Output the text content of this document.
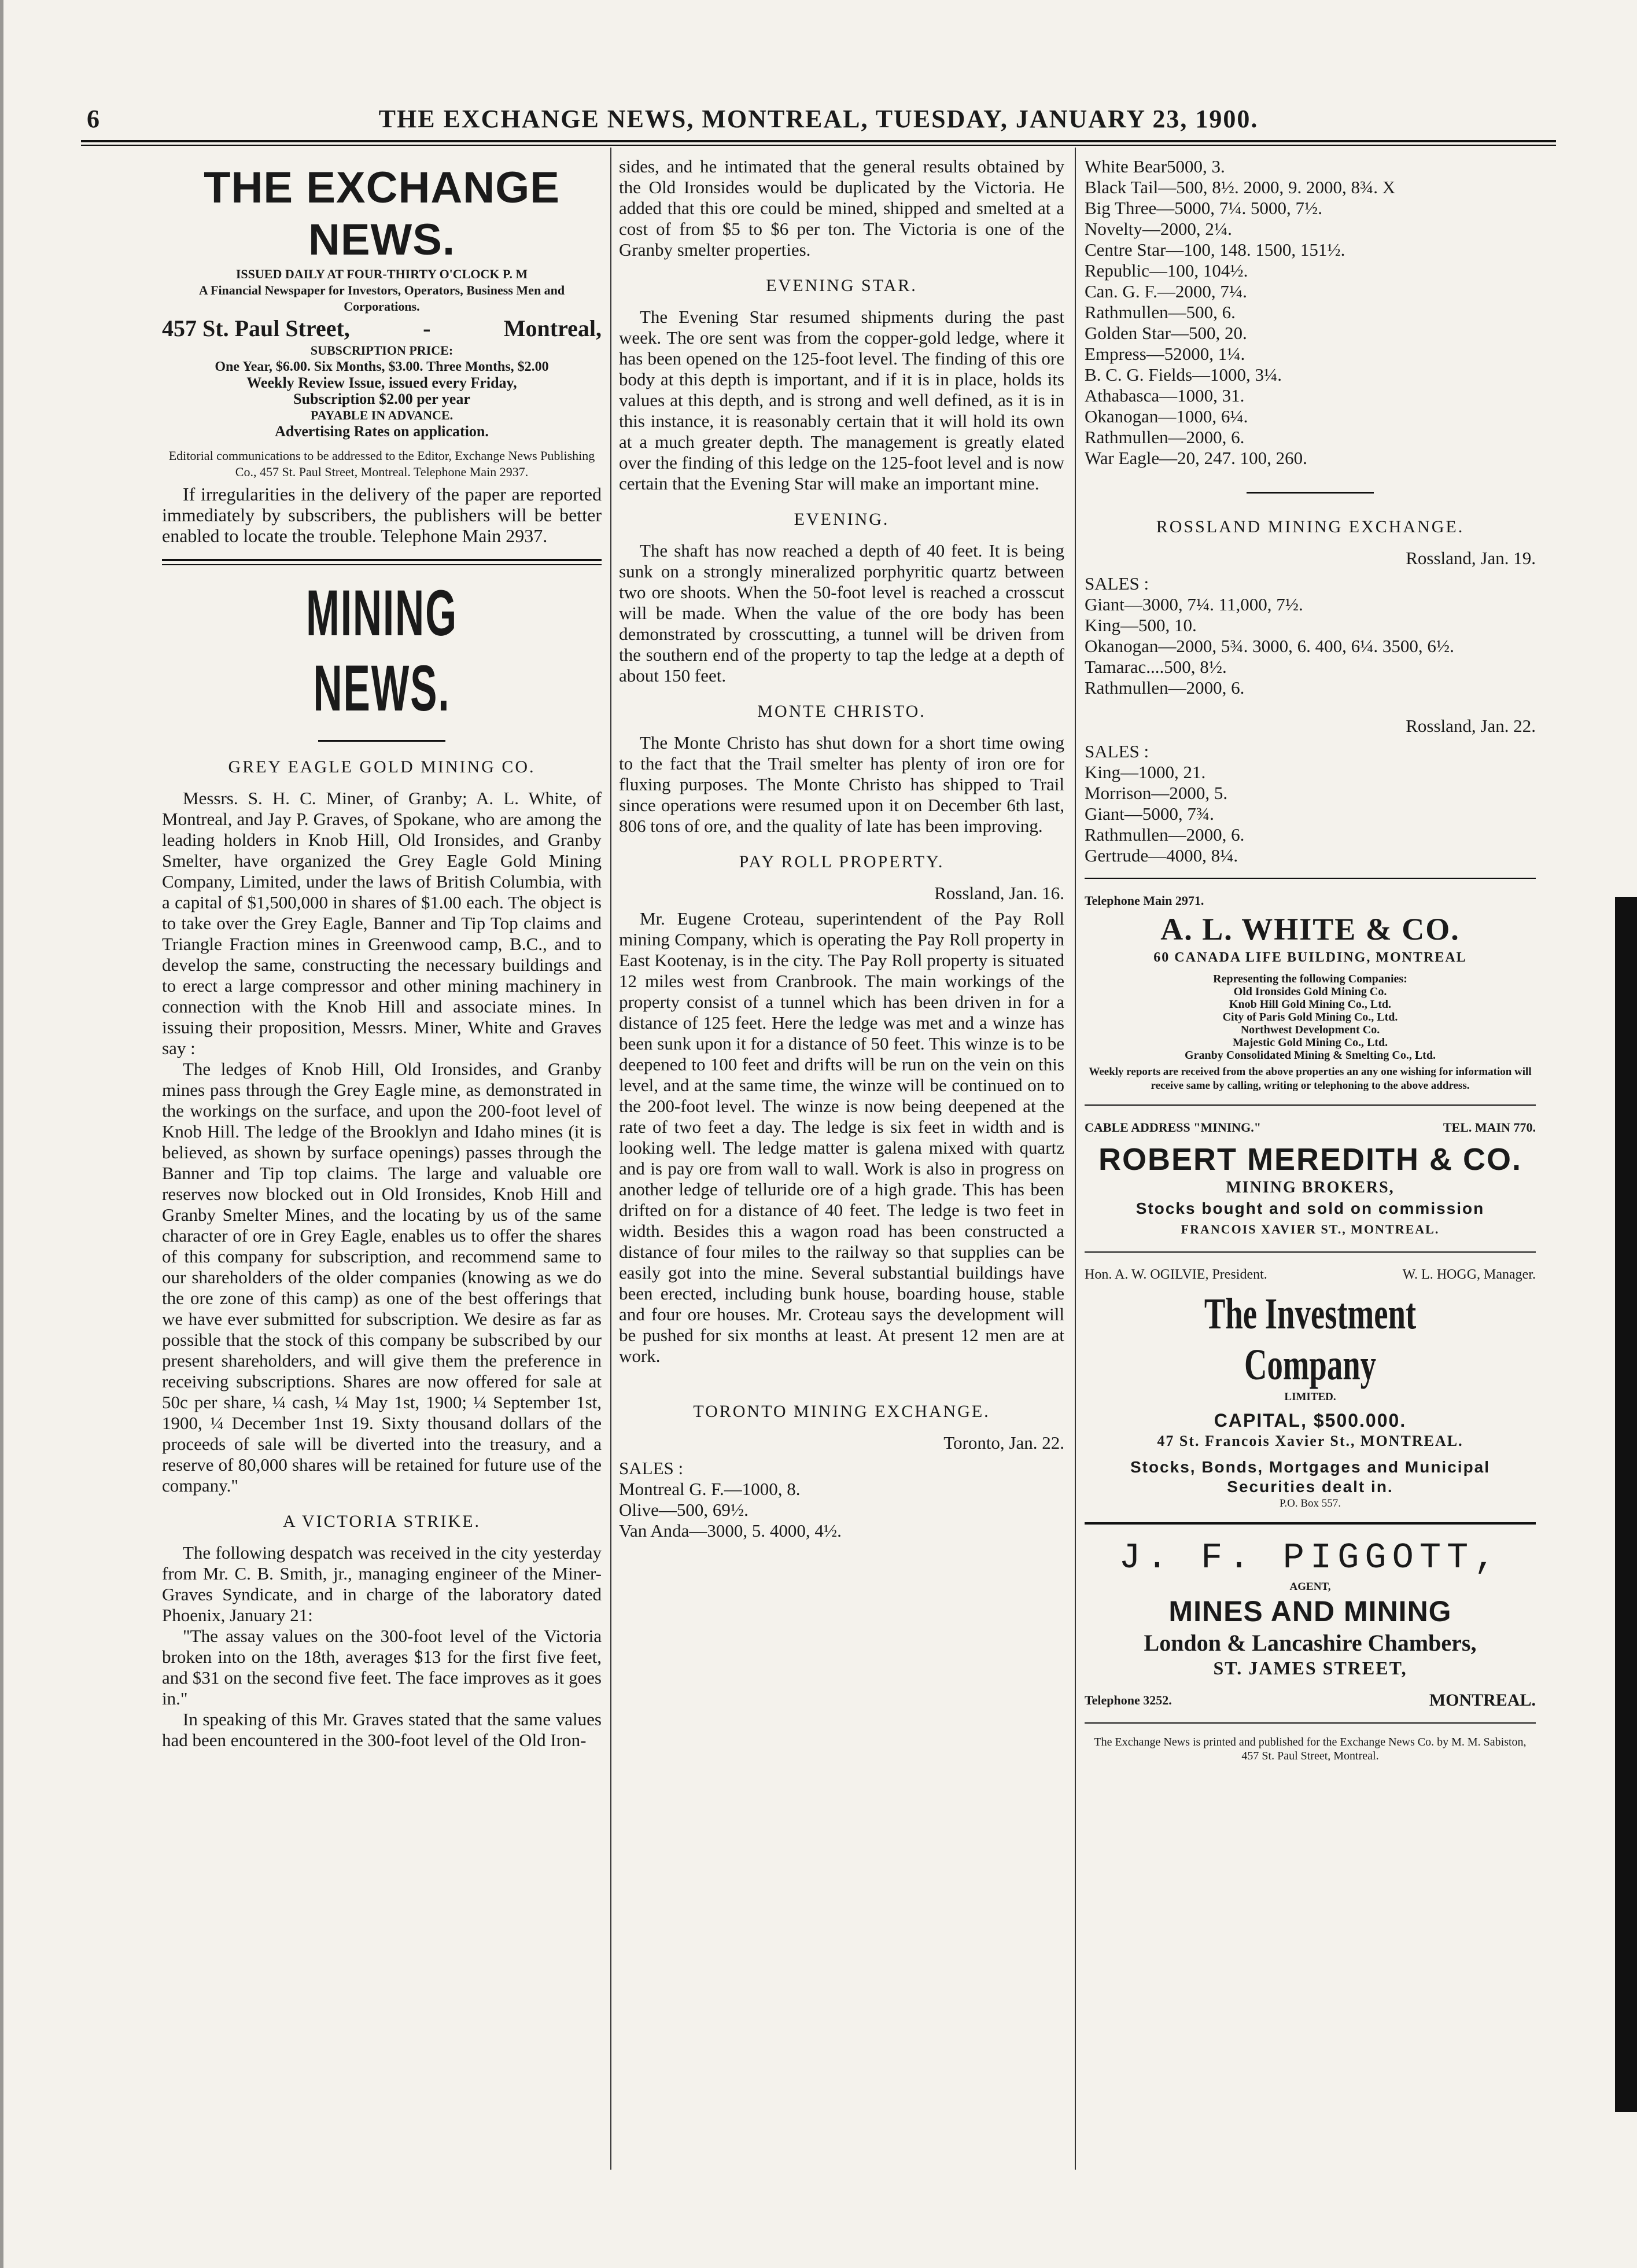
6	THE EXCHANGE NEWS, MONTREAL, TUESDAY, JANUARY 23, 1900.
THE EXCHANGE NEWS.
ISSUED DAILY AT FOUR-THIRTY O'CLOCK P. M
A Financial Newspaper for Investors, Operators, Business Men and Corporations.
457 St. Paul Street,	-	Montreal,
SUBSCRIPTION PRICE:
One Year, $6.00. Six Months, $3.00. Three Months, $2.00
Weekly Review Issue, issued every Friday,
Subscription $2.00 per year
PAYABLE IN ADVANCE.
Advertising Rates on application.
Editorial communications to be addressed to the Editor, Exchange News Publishing Co., 457 St. Paul Street, Montreal. Telephone Main 2937.

If irregularities in the delivery of the paper are reported immediately by subscribers, the publishers will be better enabled to locate the trouble. Telephone Main 2937.

MINING NEWS.
GREY EAGLE GOLD MINING CO.

Messrs. S. H. C. Miner, of Granby; A. L. White, of Montreal, and Jay P. Graves, of Spokane, who are among the leading holders in Knob Hill, Old Ironsides, and Granby Smelter, have organized the Grey Eagle Gold Mining Company, Limited, under the laws of British Columbia, with a capital of $1,500,000 in shares of $1.00 each. The object is to take over the Grey Eagle, Banner and Tip Top claims and Triangle Fraction mines in Greenwood camp, B.C., and to develop the same, constructing the necessary buildings and to erect a large compressor and other mining machinery in connection with the Knob Hill and associate mines. In issuing their proposition, Messrs. Miner, White and Graves say :

The ledges of Knob Hill, Old Ironsides, and Granby mines pass through the Grey Eagle mine, as demonstrated in the workings on the surface, and upon the 200-foot level of Knob Hill. The ledge of the Brooklyn and Idaho mines (it is believed, as shown by surface openings) passes through the Banner and Tip top claims. The large and valuable ore reserves now blocked out in Old Ironsides, Knob Hill and Granby Smelter Mines, and the locating by us of the same character of ore in Grey Eagle, enables us to offer the shares of this company for subscription, and recommend same to our shareholders of the older companies (knowing as we do the ore zone of this camp) as one of the best offerings that we have ever submitted for subscription. We desire as far as possible that the stock of this company be subscribed by our present shareholders, and will give them the preference in receiving subscriptions. Shares are now offered for sale at 50c per share, ¼ cash, ¼ May 1st, 1900; ¼ September 1st, 1900, ¼ December 1nst 19. Sixty thousand dollars of the proceeds of sale will be diverted into the treasury, and a reserve of 80,000 shares will be retained for future use of the company."

A VICTORIA STRIKE.

The following despatch was received in the city yesterday from Mr. C. B. Smith, jr., managing engineer of the Miner-Graves Syndicate, and in charge of the laboratory dated Phoenix, January 21:

"The assay values on the 300-foot level of the Victoria broken into on the 18th, averages $13 for the first five feet, and $31 on the second five feet. The face improves as it goes in."

In speaking of this Mr. Graves stated that the same values had been encountered in the 300-foot level of the Old Iron-

sides, and he intimated that the general results obtained by the Old Ironsides would be duplicated by the Victoria. He added that this ore could be mined, shipped and smelted at a cost of from $5 to $6 per ton. The Victoria is one of the Granby smelter properties.

EVENING STAR.

The Evening Star resumed shipments during the past week. The ore sent was from the copper-gold ledge, where it has been opened on the 125-foot level. The finding of this ore body at this depth is important, and if it is in place, holds its values at this depth, and is strong and well defined, as it is in this instance, it is reasonably certain that it will hold its own at a much greater depth. The management is greatly elated over the finding of this ledge on the 125-foot level and is now certain that the Evening Star will make an important mine.

EVENING.

The shaft has now reached a depth of 40 feet. It is being sunk on a strongly mineralized porphyritic quartz between two ore shoots. When the 50-foot level is reached a crosscut will be made. When the value of the ore body has been demonstrated by crosscutting, a tunnel will be driven from the southern end of the property to tap the ledge at a depth of about 150 feet.

MONTE CHRISTO.

The Monte Christo has shut down for a short time owing to the fact that the Trail smelter has plenty of iron ore for fluxing purposes. The Monte Christo has shipped to Trail since operations were resumed upon it on December 6th last, 806 tons of ore, and the quality of late has been improving.

PAY ROLL PROPERTY.
Rossland, Jan. 16.

Mr. Eugene Croteau, superintendent of the Pay Roll mining Company, which is operating the Pay Roll property in East Kootenay, is in the city. The Pay Roll property is situated 12 miles west from Cranbrook. The main workings of the property consist of a tunnel which has been driven in for a distance of 125 feet. Here the ledge was met and a winze has been sunk upon it for a distance of 50 feet. This winze is to be deepened to 100 feet and drifts will be run on the vein on this level, and at the same time, the winze will be continued on to the 200-foot level. The winze is now being deepened at the rate of two feet a day. The ledge is six feet in width and is looking well. The ledge matter is galena mixed with quartz and is pay ore from wall to wall. Work is also in progress on another ledge of telluride ore of a high grade. This has been drifted on for a distance of 40 feet. The ledge is two feet in width. Besides this a wagon road has been constructed a distance of four miles to the railway so that supplies can be easily got into the mine. Several substantial buildings have been erected, including bunk house, boarding house, stable and four ore houses. Mr. Croteau says the development will be pushed for six months at least. At present 12 men are at work.

TORONTO MINING EXCHANGE.
Toronto, Jan. 22.
SALES :
Montreal G. F.—1000, 8.
Olive—500, 69½.
Van Anda—3000, 5. 4000, 4½.
White Bear5000, 3.
Black Tail—500, 8½. 2000, 9. 2000, 8¾. X
Big Three—5000, 7¼. 5000, 7½.
Novelty—2000, 2¼.
Centre Star—100, 148. 1500, 151½.
Republic—100, 104½.
Can. G. F.—2000, 7¼.
Rathmullen—500, 6.
Golden Star—500, 20.
Empress—52000, 1¼.
B. C. G. Fields—1000, 3¼.
Athabasca—1000, 31.
Okanogan—1000, 6¼.
Rathmullen—2000, 6.
War Eagle—20, 247. 100, 260.
ROSSLAND MINING EXCHANGE.
Rossland, Jan. 19.
SALES :
Giant—3000, 7¼. 11,000, 7½.
King—500, 10.
Okanogan—2000, 5¾. 3000, 6. 400, 6¼. 3500, 6½.
Tamarac....500, 8½.
Rathmullen—2000, 6.
Rossland, Jan. 22.
SALES :
King—1000, 21.
Morrison—2000, 5.
Giant—5000, 7¾.
Rathmullen—2000, 6.
Gertrude—4000, 8¼.
Telephone Main 2971.
A. L. WHITE & CO.
60 CANADA LIFE BUILDING, MONTREAL
Representing the following Companies:
Old Ironsides Gold Mining Co.
Knob Hill Gold Mining Co., Ltd.
City of Paris Gold Mining Co., Ltd.
Northwest Development Co.
Majestic Gold Mining Co., Ltd.
Granby Consolidated Mining & Smelting Co., Ltd.
Weekly reports are received from the above properties an any one wishing for information will receive same by calling, writing or telephoning to the above address.
CABLE ADDRESS "MINING."	TEL. MAIN 770.
ROBERT MEREDITH & CO.
MINING BROKERS,
Stocks bought and sold on commission
FRANCOIS XAVIER ST., MONTREAL.
Hon. A. W. OGILVIE, President.	W. L. HOGG, Manager.
The Investment Company
LIMITED.
CAPITAL, $500.000.
47 St. Francois Xavier St., MONTREAL.
Stocks, Bonds, Mortgages and Municipal Securities dealt in.
P.O. Box 557.
J. F. PIGGOTT,
AGENT,
MINES AND MINING
London & Lancashire Chambers,
ST. JAMES STREET,
Telephone 3252.	MONTREAL.
The Exchange News is printed and published for the Exchange News Co. by M. M. Sabiston, 457 St. Paul Street, Montreal.
